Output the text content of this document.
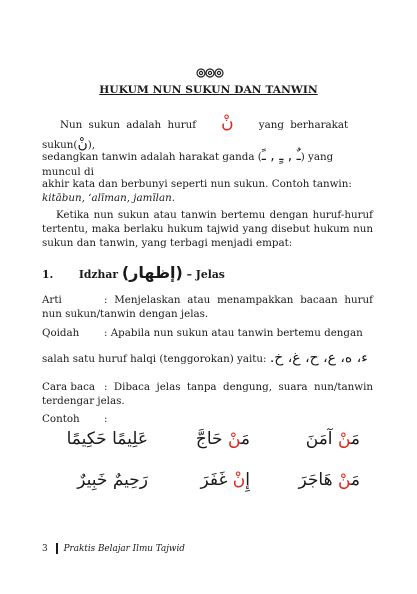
HUKUM NUN SUKUN DAN TANWIN
Nun sukun adalah huruf نْ yang berharakat sukun(نْ),
sedangkan tanwin adalah harakat ganda (ـٌ , ـٍ , ـً) yang muncul di
akhir kata dan berbunyi seperti nun sukun. Contoh tanwin:
kitābun, ‘alīman, jamīlan.
Ketika nun sukun atau tanwin bertemu dengan huruf-huruf tertentu, maka berlaku hukum tajwid yang disebut hukum nun sukun dan tanwin, yang terbagi menjadi empat:
1. Idzhar (إظهار) – Jelas
Arti	: Menjelaskan atau menampakkan bacaan huruf nun sukun/tanwin dengan jelas.
Qoidah : Apabila nun sukun atau tanwin bertemu dengan
salah satu huruf halqi (tenggorokan) yaitu: ء، ه، ع، ح، غ، خ.
Cara baca : Dibaca jelas tanpa dengung, suara nun/tanwin terdengar jelas.
Contoh :
مَنْ آمَنَ
مَنْ حَاجَّ
عَلِيمًا حَكِيمًا
مَنْ هَاجَرَ
إِنْ غَفَرَ
رَحِيمٌ خَبِيرٌ
3 Praktis Belajar Ilmu Tajwid
